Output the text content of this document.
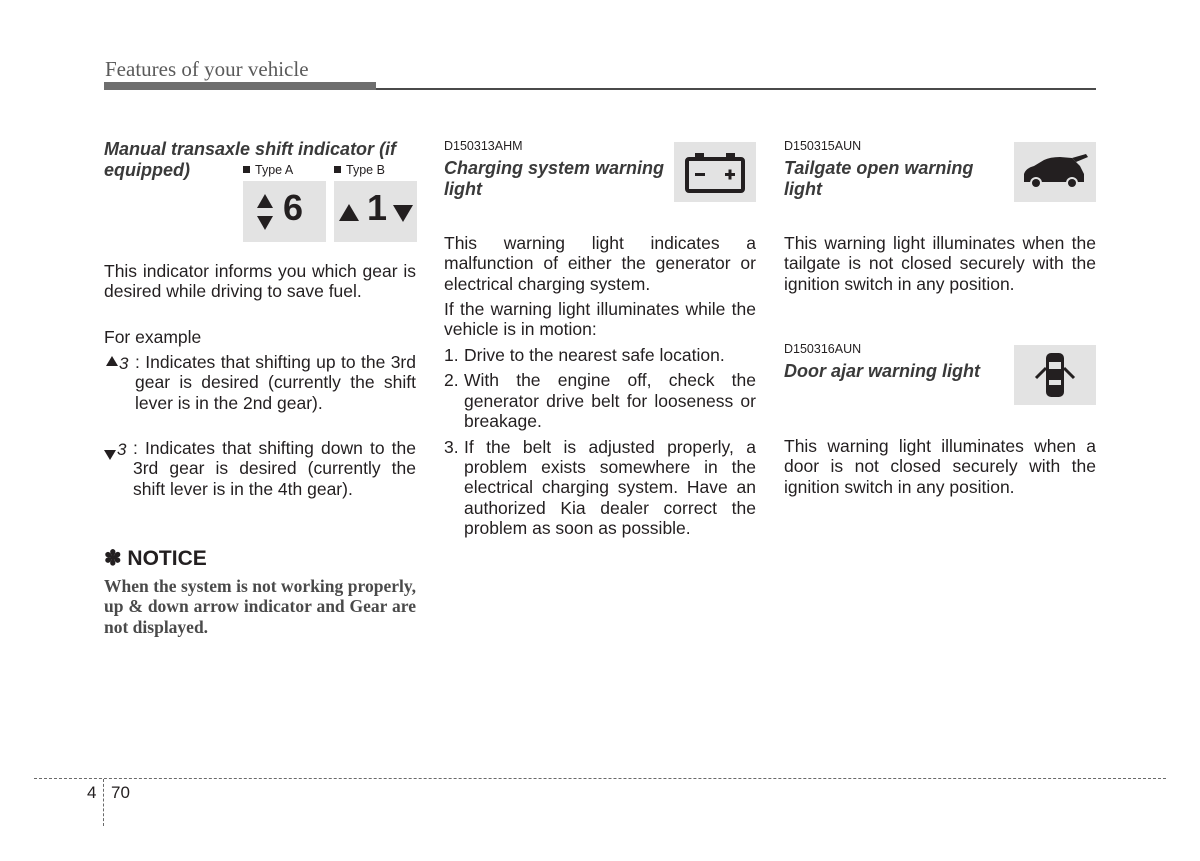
Features of your vehicle
Manual transaxle shift indicator (if equipped)	Type A	Type B
6 1
This indicator informs you which gear is desired while driving to save fuel.
For example
3 : Indicates that shifting up to the 3rd gear is desired (currently the shift lever is in the 2nd gear).
3 : Indicates that shifting down to the 3rd gear is desired (currently the shift lever is in the 4th gear).
✽ NOTICE
When the system is not working properly, up & down arrow indicator and Gear are not displayed.
D150313AHM
Charging system warning light
This warning light indicates a malfunction of either the generator or electrical charging system.
If the warning light illuminates while the vehicle is in motion:
1. Drive to the nearest safe location.
2. With the engine off, check the generator drive belt for looseness or breakage.
3. If the belt is adjusted properly, a problem exists somewhere in the electrical charging system. Have an authorized Kia dealer correct the problem as soon as possible.
D150315AUN
Tailgate open warning light
This warning light illuminates when the tailgate is not closed securely with the ignition switch in any position.
D150316AUN
Door ajar warning light
This warning light illuminates when a door is not closed securely with the ignition switch in any position.
4 70
